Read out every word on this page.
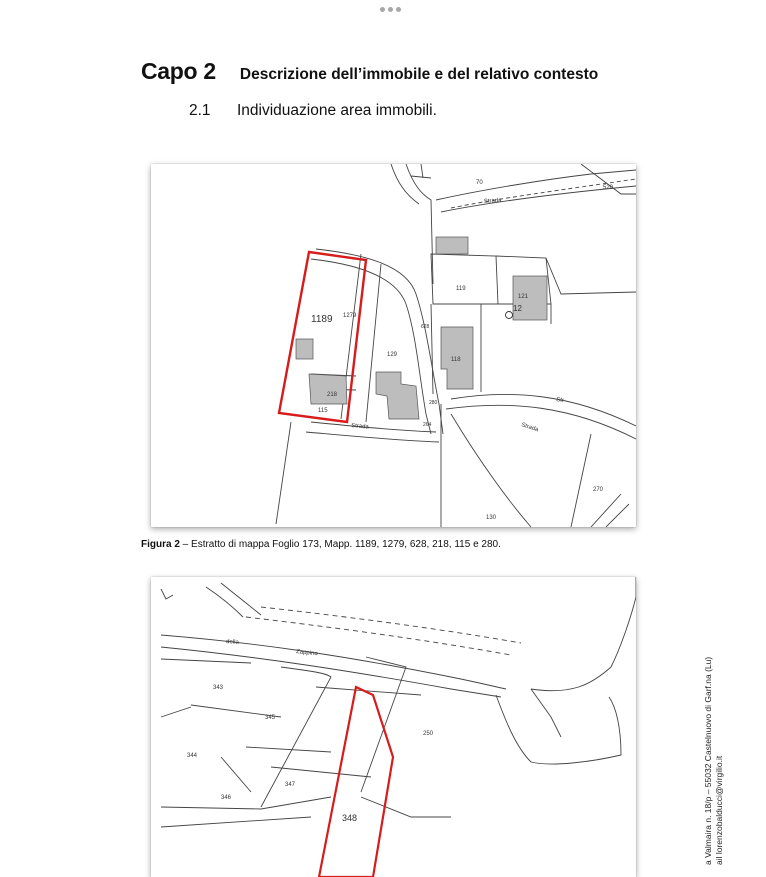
Capo 2 Descrizione dell’immobile e del relativo contesto
2.1	Individuazione area immobili.
1189 1279
218
115
129
119
121
12
118
70
520
270
130
628
280
264
Strada
Strada
Strada
Str
Figura 2 – Estratto di mappa Foglio 173, Mapp. 1189, 1279, 628, 218, 115 e 280.
343
345
344
347
346
348
250
della
Zappino
a Valmaira n. 18/p – 55032 Castelnuovo di Garf.na (Lu) ail lorenzobalducci@virgilio.it
